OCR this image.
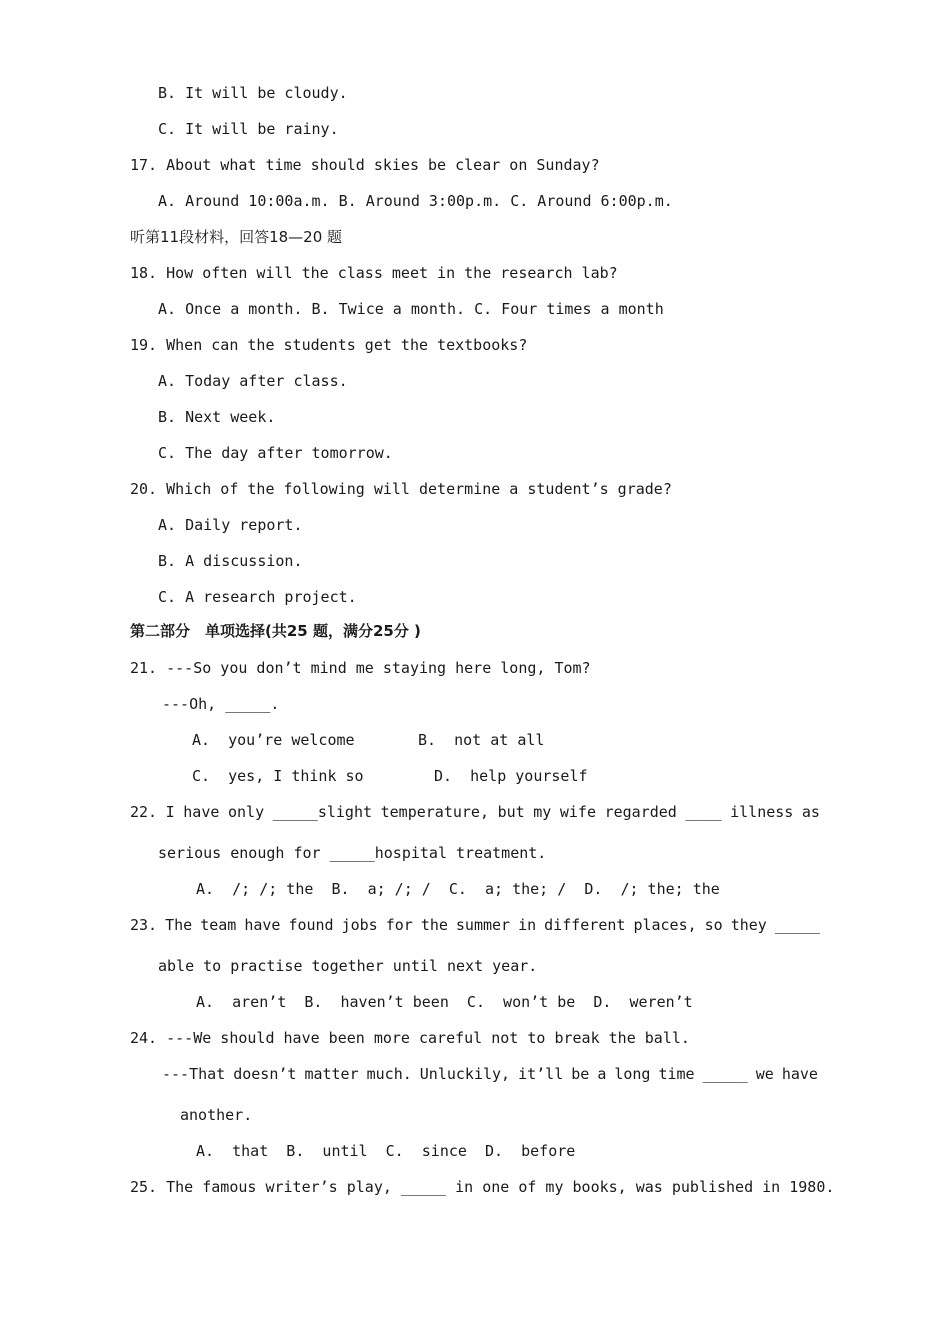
B. It will be cloudy.
C. It will be rainy.
17. About what time should skies be clear on Sunday?
A. Around 10:00a.m. B. Around 3:00p.m. C. Around 6:00p.m.
听第11段材料，回答18—20 题
18. How often will the class meet in the research lab?
A. Once a month. B. Twice a month. C. Four times a month
19. When can the students get the textbooks?
A. Today after class.
B. Next week.
C. The day after tomorrow.
20. Which of the following will determine a student’s grade?
A. Daily report.
B. A discussion.
C. A research project.
第二部分　单项选择(共25 题，满分25分 )
21. ---So you don’t mind me staying here long, Tom?
---Oh, _____.
A.  you’re welcome	B.  not at all
C.  yes, I think so	D.  help yourself
22. I have only _____slight temperature, but my wife regarded ____ illness as
serious enough for _____hospital treatment.
A.  /; /; the  B.  a; /; /  C.  a; the; /  D.  /; the; the
23. The team have found jobs for the summer in different places, so they _____
able to practise together until next year.
A.  aren’t  B.  haven’t been  C.  won’t be  D.  weren’t
24. ---We should have been more careful not to break the ball.
---That doesn’t matter much. Unluckily, it’ll be a long time _____ we have
another.
A.  that  B.  until  C.  since  D.  before
25. The famous writer’s play, _____ in one of my books, was published in 1980.
